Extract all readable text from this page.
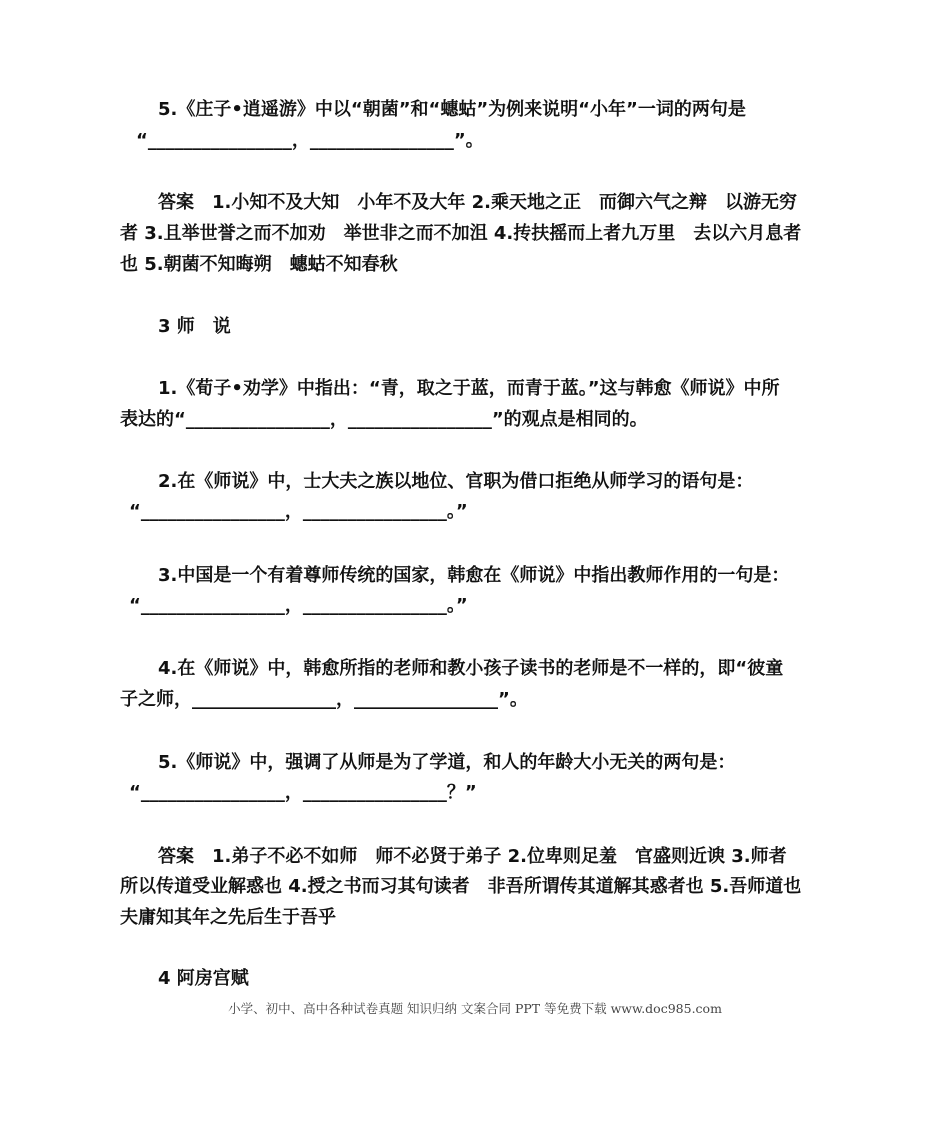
5.《庄子•逍遥游》中以“朝菌”和“蟪蛄”为例来说明“小年”一词的两句是
“________________，________________”。
答案　1.小知不及大知　小年不及大年 2.乘天地之正　而御六气之辩　以游无穷
者 3.且举世誉之而不加劝　举世非之而不加沮 4.抟扶摇而上者九万里　去以六月息者
也 5.朝菌不知晦朔　蟪蛄不知春秋
3 师　说
1.《荀子•劝学》中指出：“青，取之于蓝，而青于蓝。”这与韩愈《师说》中所
表达的“________________，________________”的观点是相同的。
2.在《师说》中，士大夫之族以地位、官职为借口拒绝从师学习的语句是：
“________________，________________。”
3.中国是一个有着尊师传统的国家，韩愈在《师说》中指出教师作用的一句是：
“________________，________________。”
4.在《师说》中，韩愈所指的老师和教小孩子读书的老师是不一样的，即“彼童
子之师，________________，________________”。
5.《师说》中，强调了从师是为了学道，和人的年龄大小无关的两句是：
“________________，________________？”
答案　1.弟子不必不如师　师不必贤于弟子 2.位卑则足羞　官盛则近谀 3.师者
所以传道受业解惑也 4.授之书而习其句读者　非吾所谓传其道解其惑者也 5.吾师道也
夫庸知其年之先后生于吾乎
4 阿房宫赋
小学、初中、高中各种试卷真题 知识归纳 文案合同 PPT 等免费下载 www.doc985.com
